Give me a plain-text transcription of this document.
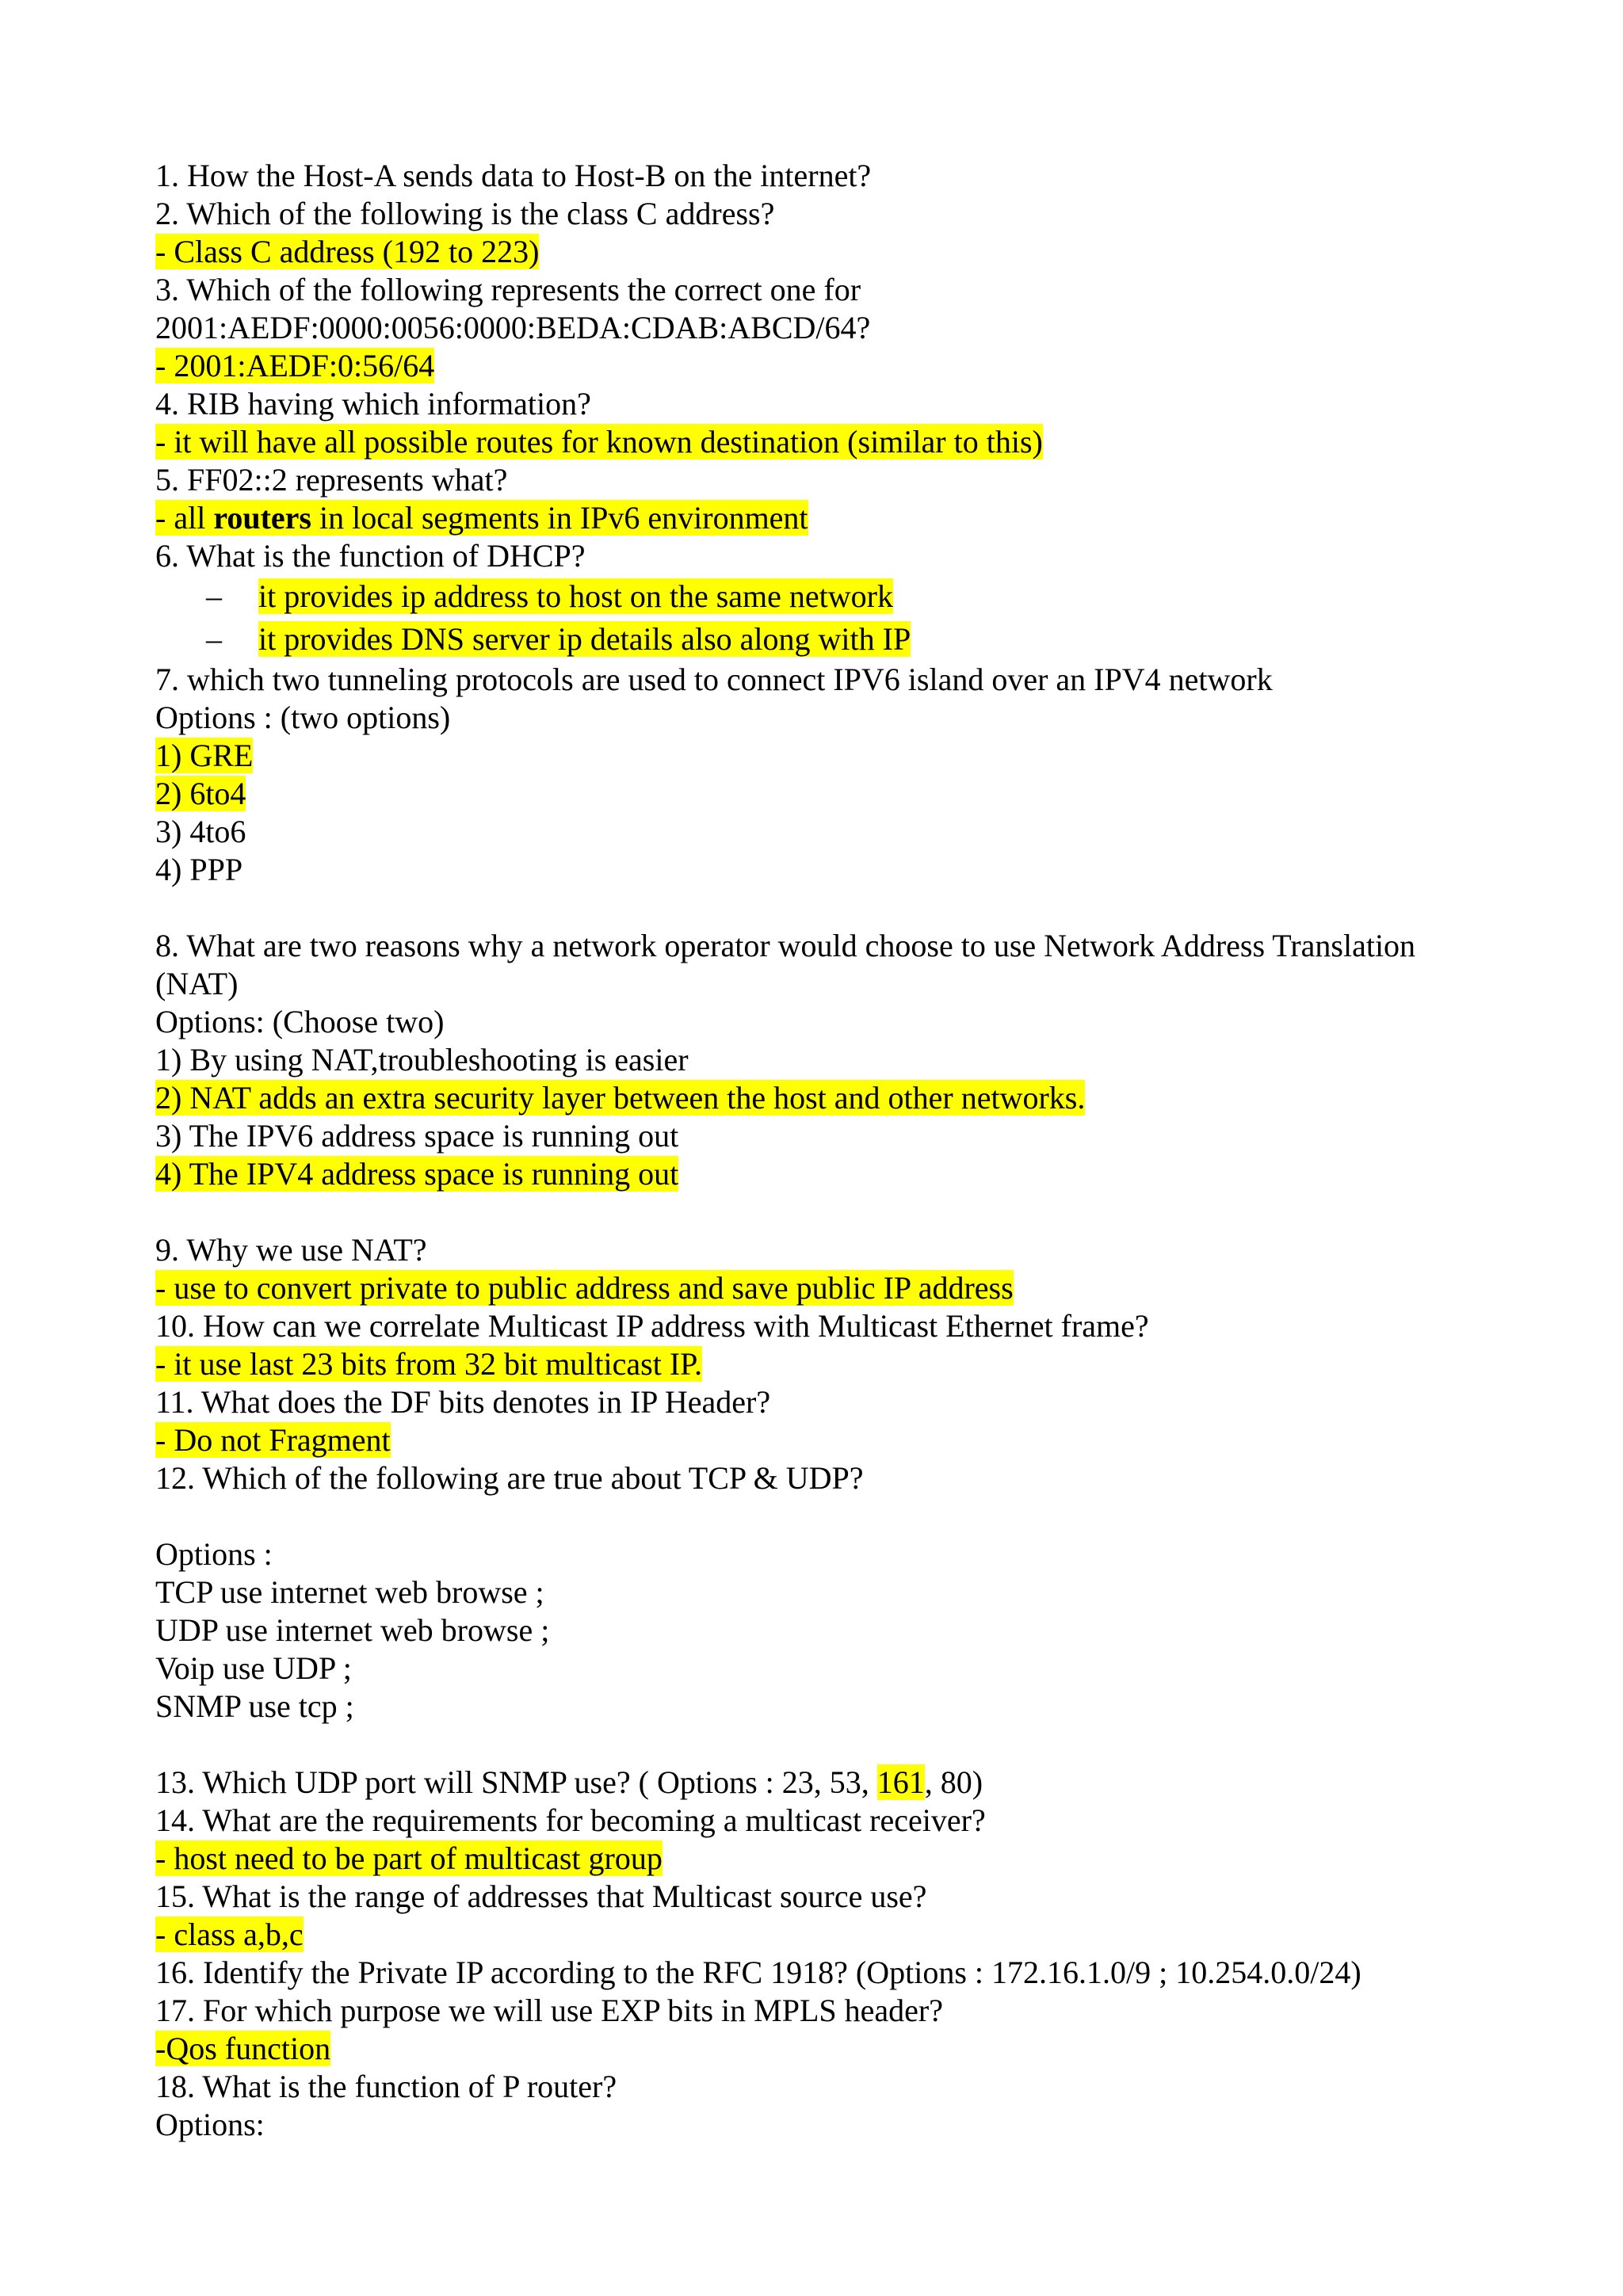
1. How the Host-A sends data to Host-B on the internet?
2. Which of the following is the class C address?
- Class C address (192 to 223)
3. Which of the following represents the correct one for
2001:AEDF:0000:0056:0000:BEDA:CDAB:ABCD/64?
- 2001:AEDF:0:56/64
4. RIB having which information?
- it will have all possible routes for known destination (similar to this)
5. FF02::2 represents what?
- all routers in local segments in IPv6 environment
6. What is the function of DHCP?
– it provides ip address to host on the same network
– it provides DNS server ip details also along with IP
7. which two tunneling protocols are used to connect IPV6 island over an IPV4 network
Options : (two options)
1) GRE
2) 6to4
3) 4to6
4) PPP
8. What are two reasons why a network operator would choose to use Network Address Translation
(NAT)
Options: (Choose two)
1) By using NAT,troubleshooting is easier
2) NAT adds an extra security layer between the host and other networks.
3) The IPV6 address space is running out
4) The IPV4 address space is running out
9. Why we use NAT?
- use to convert private to public address and save public IP address
10. How can we correlate Multicast IP address with Multicast Ethernet frame?
- it use last 23 bits from 32 bit multicast IP.
11. What does the DF bits denotes in IP Header?
- Do not Fragment
12. Which of the following are true about TCP & UDP?
Options :
TCP use internet web browse ;
UDP use internet web browse ;
Voip use UDP ;
SNMP use tcp ;
13. Which UDP port will SNMP use? ( Options : 23, 53, 161, 80)
14. What are the requirements for becoming a multicast receiver?
- host need to be part of multicast group
15. What is the range of addresses that Multicast source use?
- class a,b,c
16. Identify the Private IP according to the RFC 1918? (Options : 172.16.1.0/9 ; 10.254.0.0/24)
17. For which purpose we will use EXP bits in MPLS header?
-Qos function
18. What is the function of P router?
Options:
